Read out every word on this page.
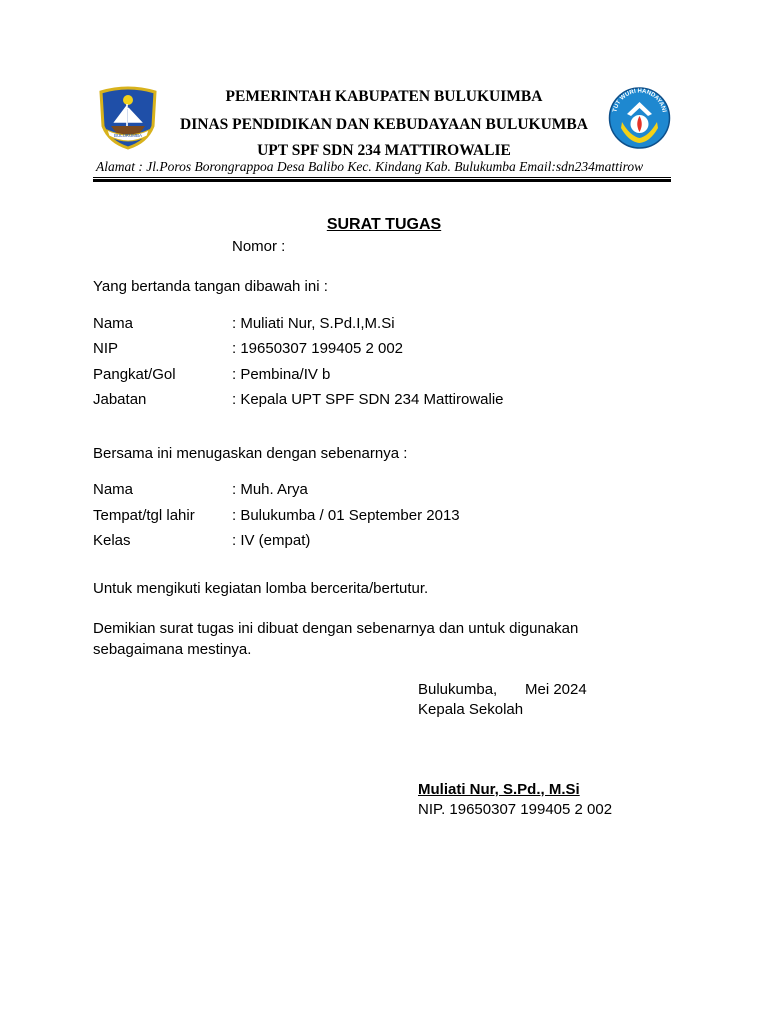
BULUKUMBA
TUT WURI HANDAYANI
PEMERINTAH KABUPATEN BULUKUIMBA
DINAS PENDIDIKAN DAN KEBUDAYAAN BULUKUMBA
UPT SPF SDN 234 MATTIROWALIE
Alamat : Jl.Poros Borongrappoa Desa Balibo Kec. Kindang Kab. Bulukumba Email:sdn234mattirow
SURAT TUGAS
Nomor :
Yang bertanda tangan dibawah ini :
Nama	: Muliati Nur, S.Pd.I,M.Si
NIP	: 19650307 199405 2 002
Pangkat/Gol	: Pembina/IV b
Jabatan	: Kepala UPT SPF SDN 234 Mattirowalie
Bersama ini menugaskan dengan sebenarnya :
Nama	: Muh. Arya
Tempat/tgl lahir : Bulukumba / 01 September 2013
Kelas	: IV (empat)
Untuk mengikuti kegiatan lomba bercerita/bertutur.
Demikian surat tugas ini dibuat dengan sebenarnya dan untuk digunakan
sebagaimana mestinya.
Bulukumba, Mei 2024
Kepala Sekolah
Muliati Nur, S.Pd., M.Si
NIP. 19650307 199405 2 002
